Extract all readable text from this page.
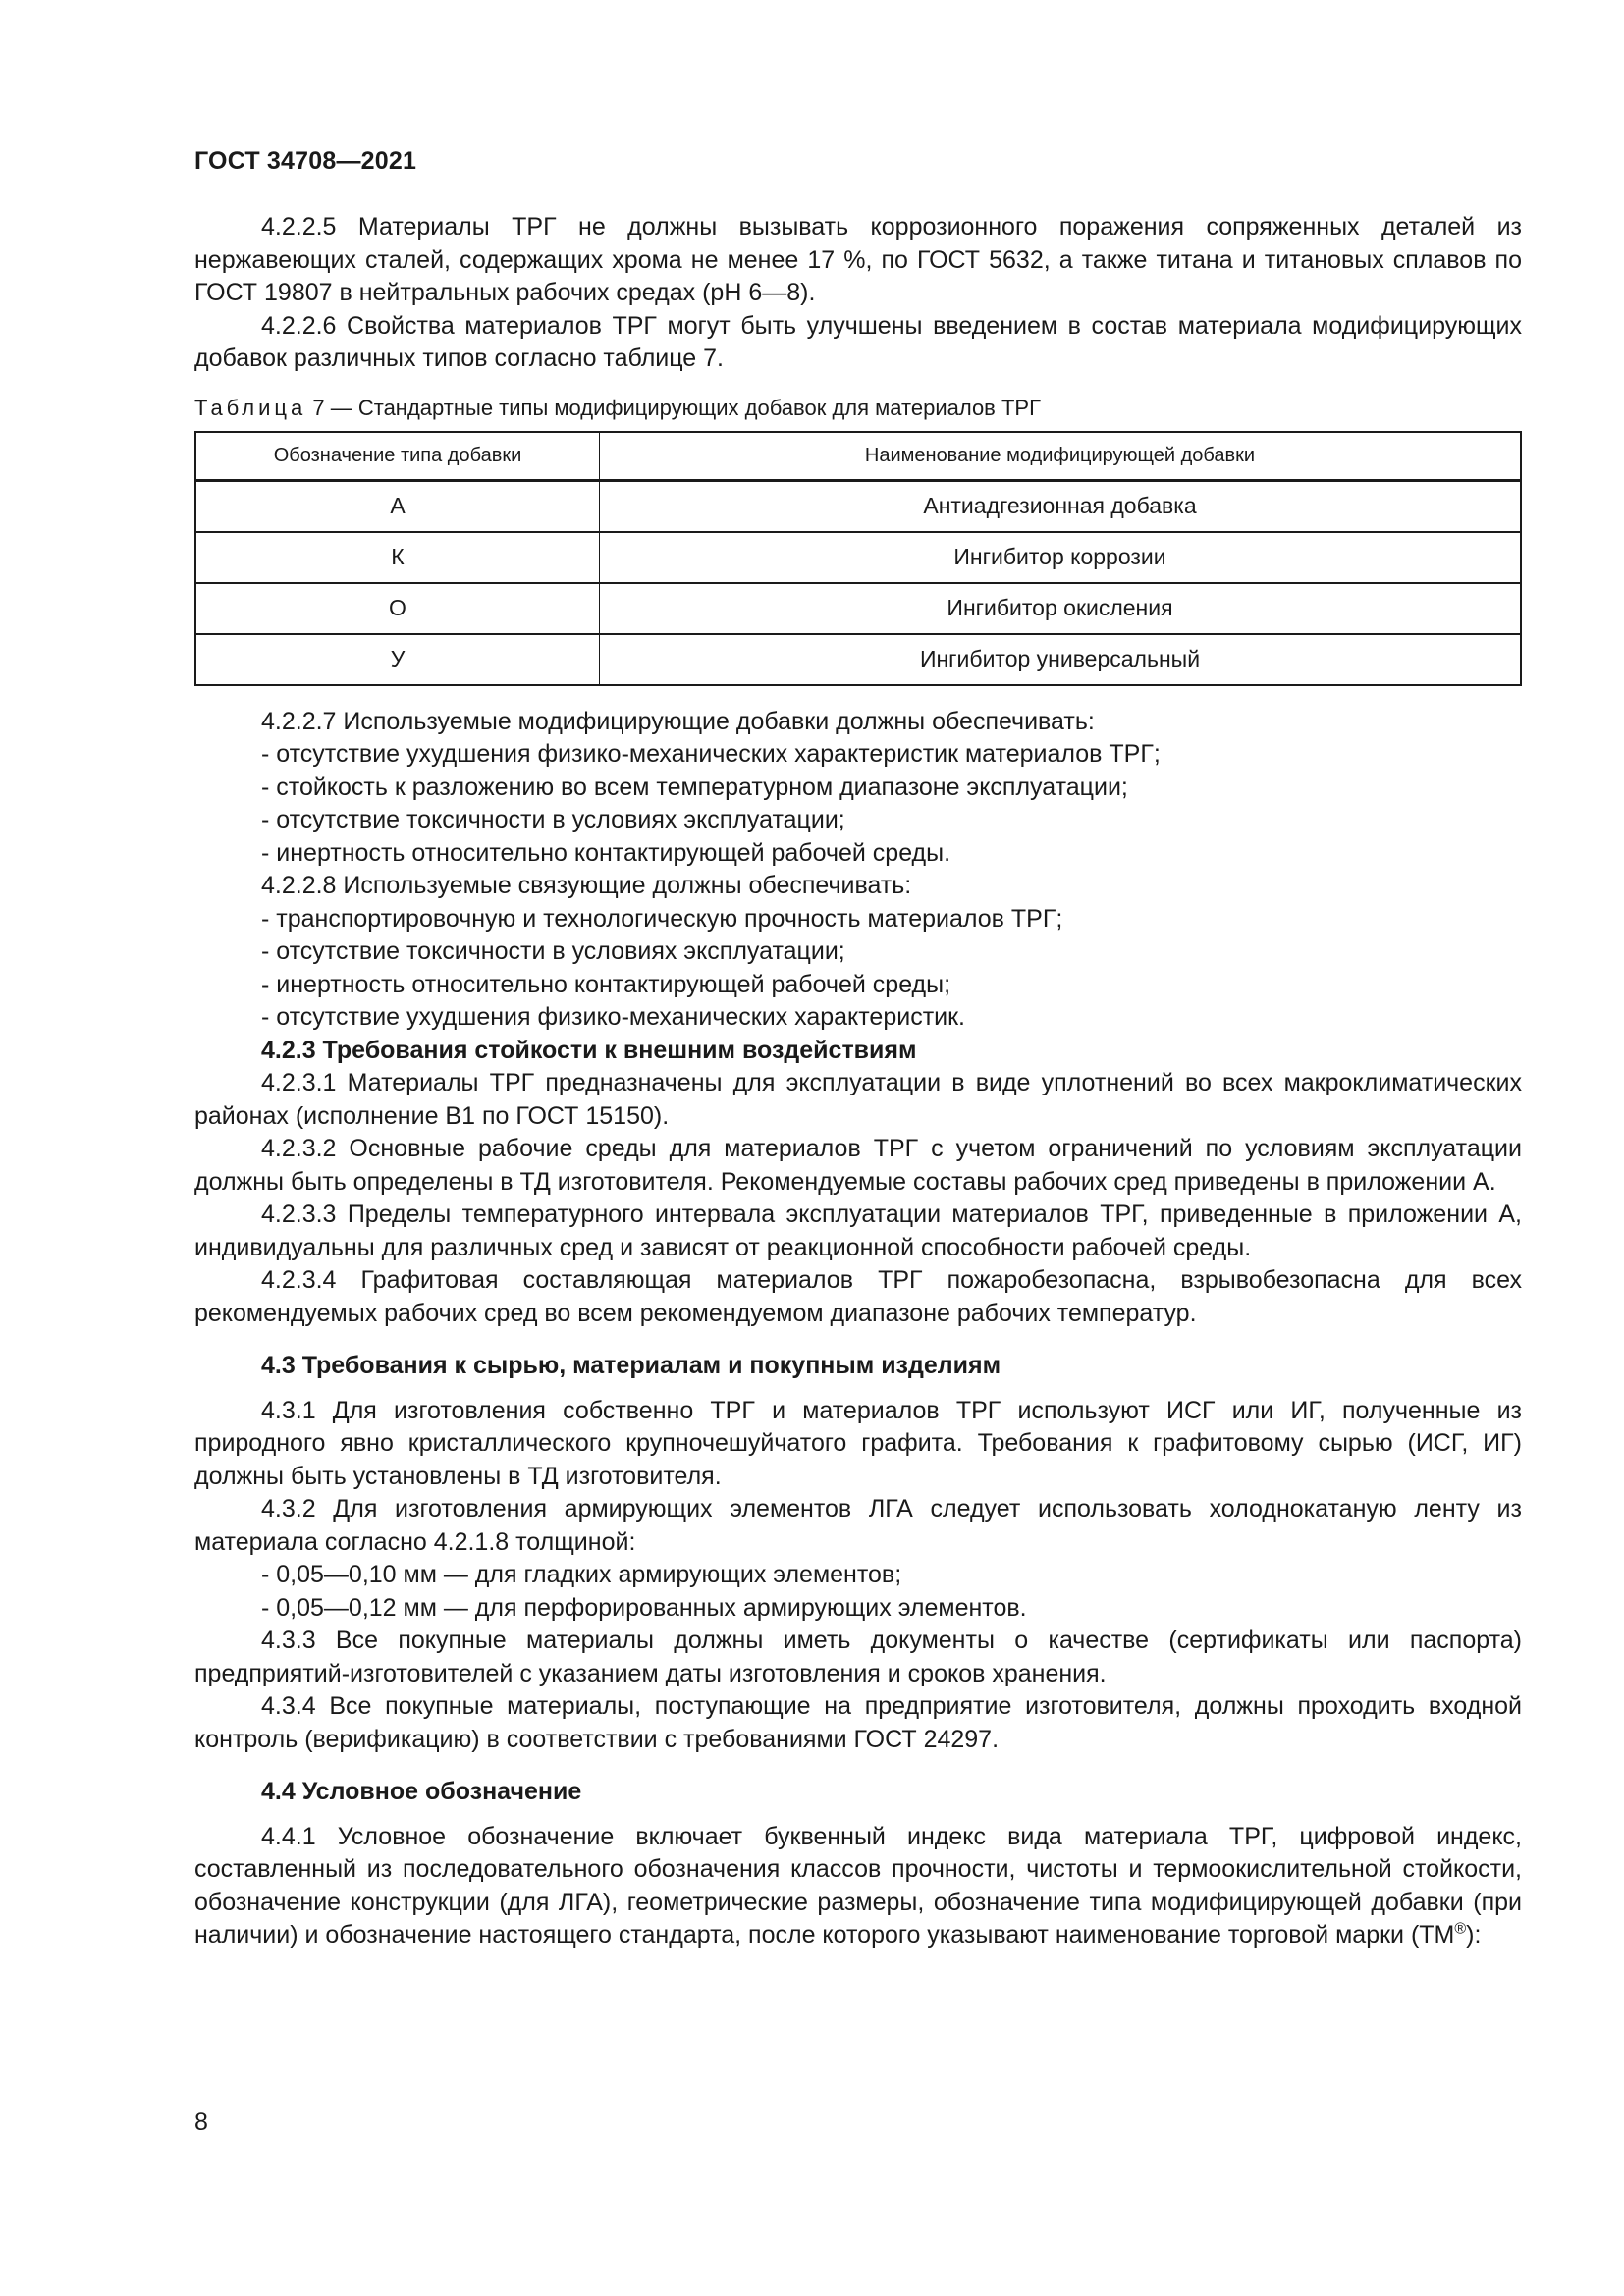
ГОСТ 34708—2021

4.2.2.5 Материалы ТРГ не должны вызывать коррозионного поражения сопряженных деталей из нержавеющих сталей, содержащих хрома не менее 17 %, по ГОСТ 5632, а также титана и титановых сплавов по ГОСТ 19807 в нейтральных рабочих средах (pH 6—8).

4.2.2.6 Свойства материалов ТРГ могут быть улучшены введением в состав материала модифицирующих добавок различных типов согласно таблице 7.

Таблица 7 — Стандартные типы модифицирующих добавок для материалов ТРГ
Обозначение типа добавки	Наименование модифицирующей добавки
А	Антиадгезионная добавка
К	Ингибитор коррозии
О	Ингибитор окисления
У	Ингибитор универсальный

4.2.2.7 Используемые модифицирующие добавки должны обеспечивать:

- отсутствие ухудшения физико-механических характеристик материалов ТРГ;

- стойкость к разложению во всем температурном диапазоне эксплуатации;

- отсутствие токсичности в условиях эксплуатации;

- инертность относительно контактирующей рабочей среды.

4.2.2.8 Используемые связующие должны обеспечивать:

- транспортировочную и технологическую прочность материалов ТРГ;

- отсутствие токсичности в условиях эксплуатации;

- инертность относительно контактирующей рабочей среды;

- отсутствие ухудшения физико-механических характеристик.

4.2.3 Требования стойкости к внешним воздействиям

4.2.3.1 Материалы ТРГ предназначены для эксплуатации в виде уплотнений во всех макроклиматических районах (исполнение В1 по ГОСТ 15150).

4.2.3.2 Основные рабочие среды для материалов ТРГ с учетом ограничений по условиям эксплуатации должны быть определены в ТД изготовителя. Рекомендуемые составы рабочих сред приведены в приложении А.

4.2.3.3 Пределы температурного интервала эксплуатации материалов ТРГ, приведенные в приложении А, индивидуальны для различных сред и зависят от реакционной способности рабочей среды.

4.2.3.4 Графитовая составляющая материалов ТРГ пожаробезопасна, взрывобезопасна для всех рекомендуемых рабочих сред во всем рекомендуемом диапазоне рабочих температур.

4.3 Требования к сырью, материалам и покупным изделиям

4.3.1 Для изготовления собственно ТРГ и материалов ТРГ используют ИСГ или ИГ, полученные из природного явно кристаллического крупночешуйчатого графита. Требования к графитовому сырью (ИСГ, ИГ) должны быть установлены в ТД изготовителя.

4.3.2 Для изготовления армирующих элементов ЛГА следует использовать холоднокатаную ленту из материала согласно 4.2.1.8 толщиной:

- 0,05—0,10 мм — для гладких армирующих элементов;

- 0,05—0,12 мм — для перфорированных армирующих элементов.

4.3.3 Все покупные материалы должны иметь документы о качестве (сертификаты или паспорта) предприятий-изготовителей с указанием даты изготовления и сроков хранения.

4.3.4 Все покупные материалы, поступающие на предприятие изготовителя, должны проходить входной контроль (верификацию) в соответствии с требованиями ГОСТ 24297.

4.4 Условное обозначение

4.4.1 Условное обозначение включает буквенный индекс вида материала ТРГ, цифровой индекс, составленный из последовательного обозначения классов прочности, чистоты и термоокислительной стойкости, обозначение конструкции (для ЛГА), геометрические размеры, обозначение типа модифицирующей добавки (при наличии) и обозначение настоящего стандарта, после которого указывают наименование торговой марки (ТМ®):

8
